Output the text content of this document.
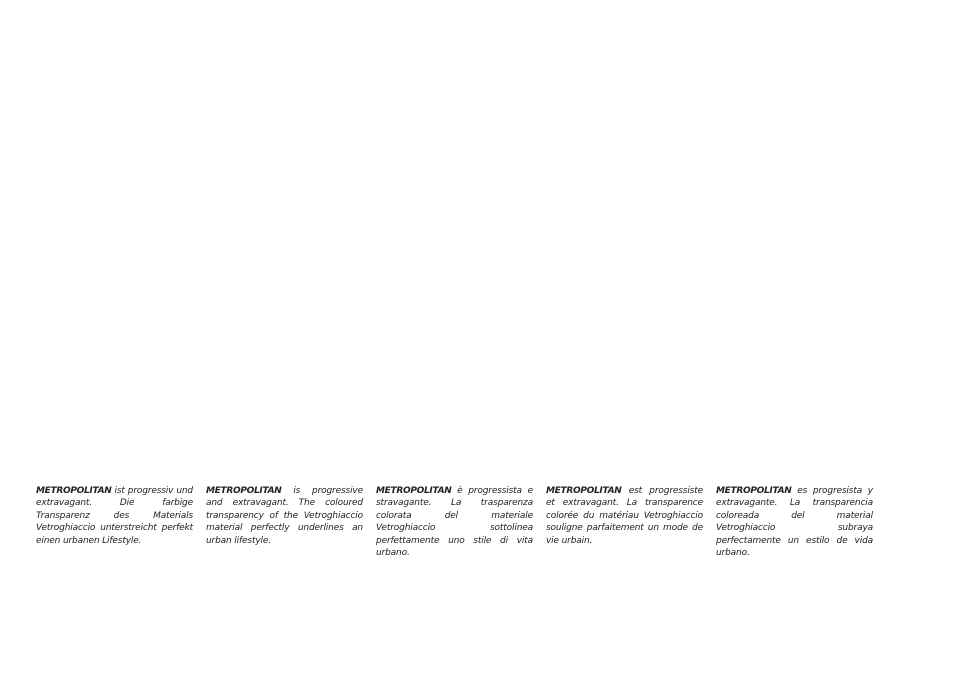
METROPOLITAN ist progressiv und extravagant. Die farbige Transparenz des Materials Vetroghiaccio unterstreicht perfekt einen urbanen Lifestyle.

METROPOLITAN is progressive and extravagant. The coloured transparency of the Vetroghiaccio material perfectly underlines an urban lifestyle.

METROPOLITAN è progressista e stravagante. La trasparenza colorata del materiale Vetroghiaccio sottolinea perfettamente uno stile di vita urbano.

METROPOLITAN est progressiste et extravagant. La transparence colorée du matériau Vetroghiaccio souligne parfaitement un mode de vie urbain.

METROPOLITAN es progresista y extravagante. La transparencia coloreada del material Vetroghiaccio subraya perfectamente un estilo de vida urbano.
